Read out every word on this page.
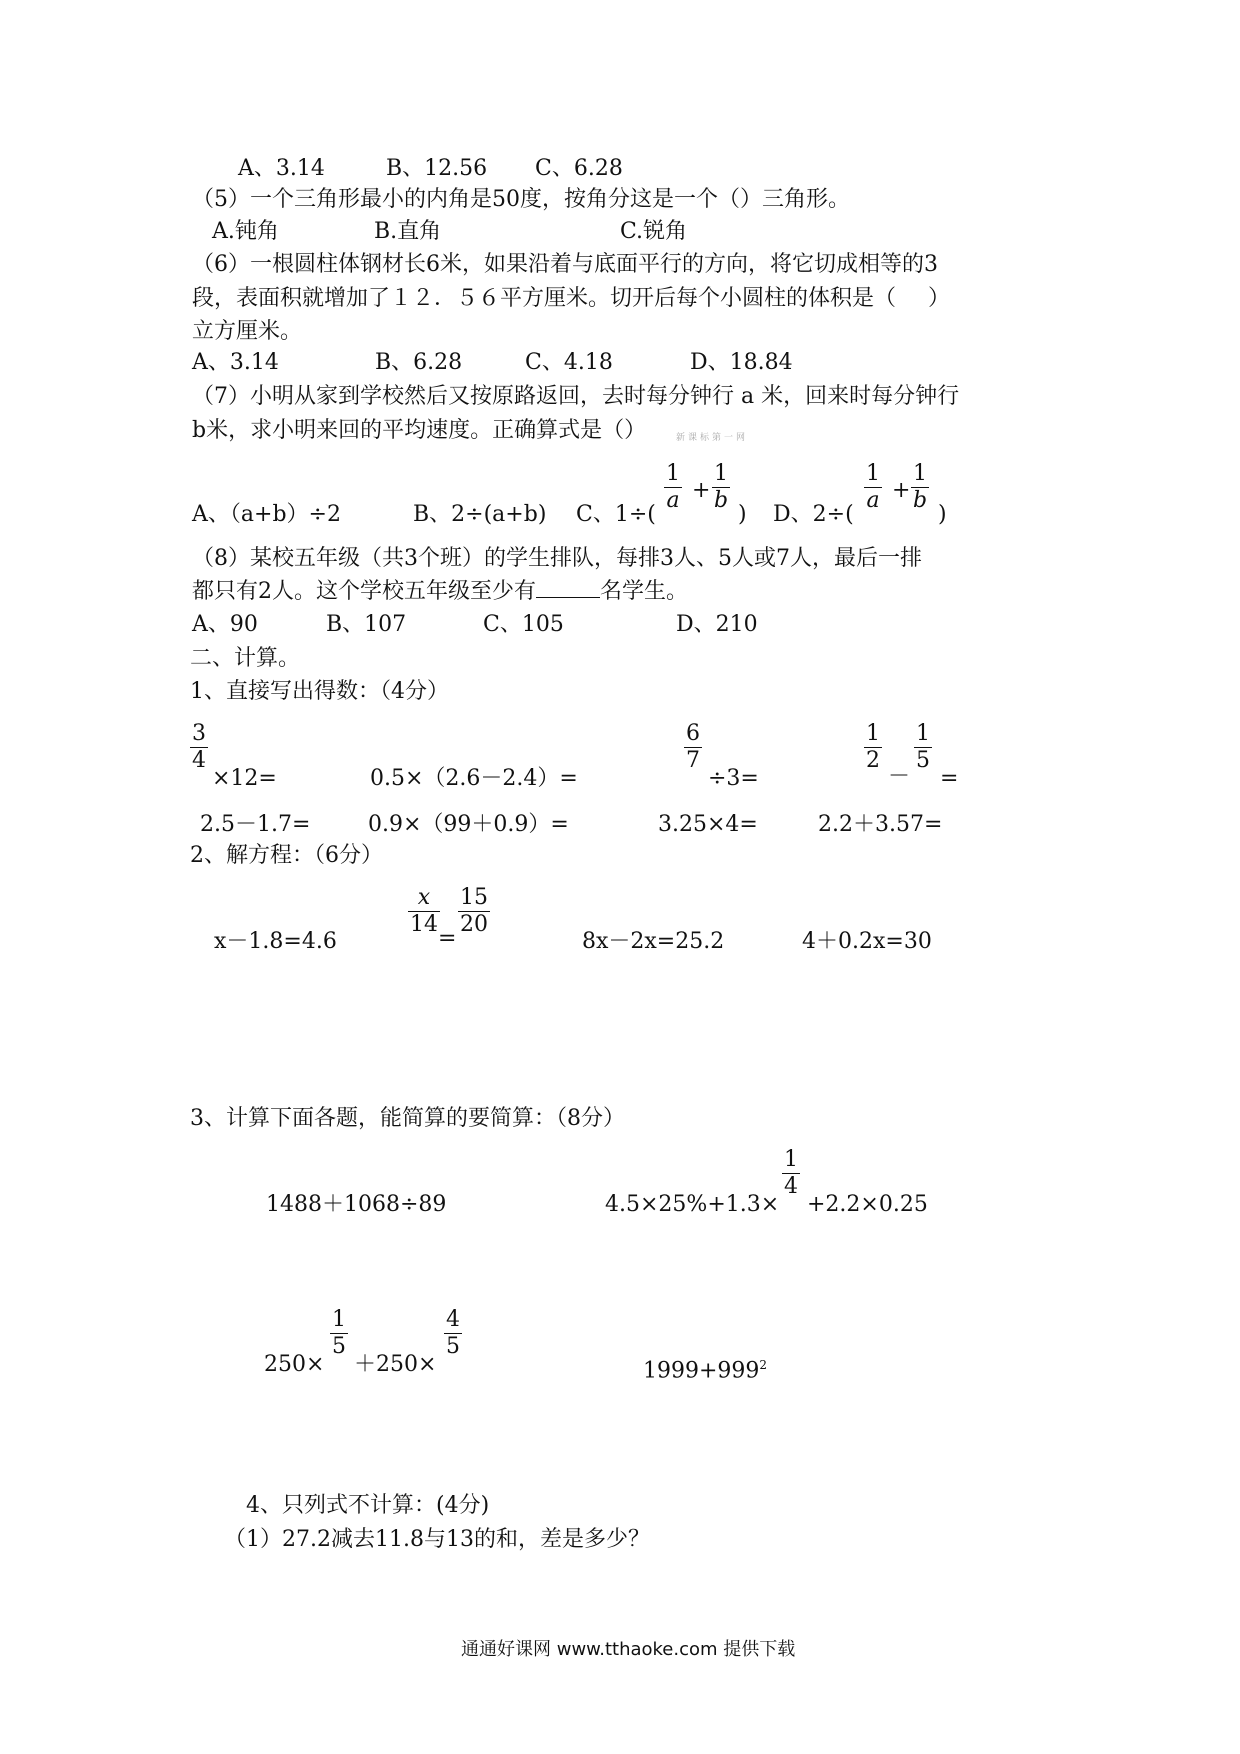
A、3.14	B、12.56 C、6.28
（5）一个三角形最小的内角是50度，按角分这是一个（）三角形。
A.钝角	B.直角	C.锐角
（6）一根圆柱体钢材长6米，如果沿着与底面平行的方向，将它切成相等的3
段，表面积就增加了１２．５６平方厘米。切开后每个小圆柱的体积是（ ）
立方厘米。
A、3.14	B、6.28	C、4.18	D、18.84
（7）小明从家到学校然后又按原路返回，去时每分钟行 a 米，回来时每分钟行
b米，求小明来回的平均速度。正确算式是（）	新课标第一网
A、（a+b）÷2	B、2÷(a+b) C、1÷(
1
a +
1
b
) D、2÷(
1
a +
1
b
)
（8）某校五年级（共3个班）的学生排队，每排3人、5人或7人，最后一排
都只有2人。这个学校五年级至少有	名学生。
A、90	B、107	C、105	D、210
二、计算。
1、直接写出得数：（4分）
3
4
×12=	0.5×（2.6－2.4）=
6
7
÷3=
1
2
－
1
5
=
2.5－1.7=	0.9×（99＋0.9）=	3.25×4=	2.2＋3.57=
2、解方程：（6分）
x－1.8=4.6
x
14
=
15
20
8x－2x=25.2	4＋0.2x=30
3、计算下面各题，能简算的要简算：（8分）
1488＋1068÷89	4.5×25%+1.3×
1
4
+2.2×0.25
250×
1
5
＋250×
4
5
$1999+999^2$
4、只列式不计算：(4分)
（1）27.2减去11.8与13的和，差是多少？
通通好课网 www.tthaoke.com 提供下载
